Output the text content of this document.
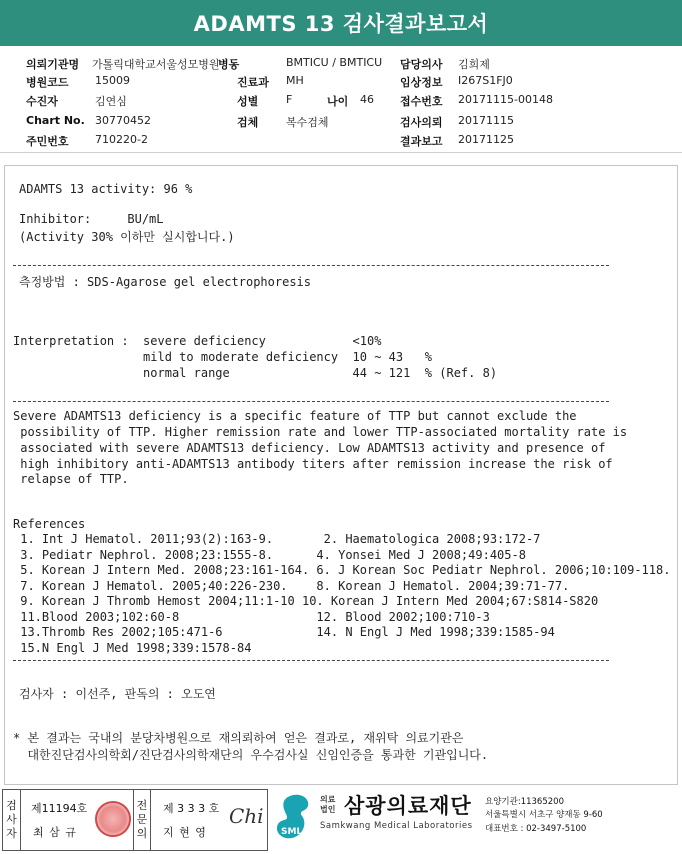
ADAMTS 13 검사결과보고서
의뢰기관명 가톨릭대학교서울성모병원
병동	BMTICU / BMTICU 담당의사 김희제
병원코드 15009	진료과 MH	임상정보 I267S1FJ0
수진자	김연심	성별	F	나이 46 접수번호 20171115-00148
Chart No. 30770452	검체	복수검체	검사의뢰 20171115
주민번호 710220-2	결과보고 20171125

ADAMTS 13 activity: 96 %

Inhibitor:     BU/mL

(Activity 30% 이하만 실시합니다.)

측정방법 : SDS-Agarose gel electrophoresis

Interpretation :  severe deficiency            <10%

mild to moderate deficiency  10 ~ 43   %

normal range                 44 ~ 121  % (Ref. 8)

Severe ADAMTS13 deficiency is a specific feature of TTP but cannot exclude the

possibility of TTP. Higher remission rate and lower TTP-associated mortality rate is

associated with severe ADAMTS13 deficiency. Low ADAMTS13 activity and presence of

high inhibitory anti-ADAMTS13 antibody titers after remission increase the risk of

relapse of TTP.

References

1. Int J Hematol. 2011;93(2):163-9.       2. Haematologica 2008;93:172-7

3. Pediatr Nephrol. 2008;23:1555-8.      4. Yonsei Med J 2008;49:405-8

5. Korean J Intern Med. 2008;23:161-164. 6. J Korean Soc Pediatr Nephrol. 2006;10:109-118.

7. Korean J Hematol. 2005;40:226-230.    8. Korean J Hematol. 2004;39:71-77.

9. Korean J Thromb Hemost 2004;11:1-10 10. Korean J Intern Med 2004;67:S814-S820

11.Blood 2003;102:60-8                   12. Blood 2002;100:710-3

13.Thromb Res 2002;105:471-6             14. N Engl J Med 1998;339:1585-94

15.N Engl J Med 1998;339:1578-84

검사자 : 이선주, 판독의 : 오도연

* 본 결과는 국내의 분당차병원으로 재의뢰하여 얻은 결과로, 재위탁 의료기관은

대한진단검사의학회/진단검사의학재단의 우수검사실 신임인증을 통과한 기관입니다.

검
사
자
제11194호
최 삼 규
전
문
의
제 3 3 3 호
지 현 영
Chi
SML
의료
법인 삼광의료재단
Samkwang Medical Laboratories
요양기관:11365200
서울특별시 서초구 양재동 9-60
대표번호 : 02-3497-5100
